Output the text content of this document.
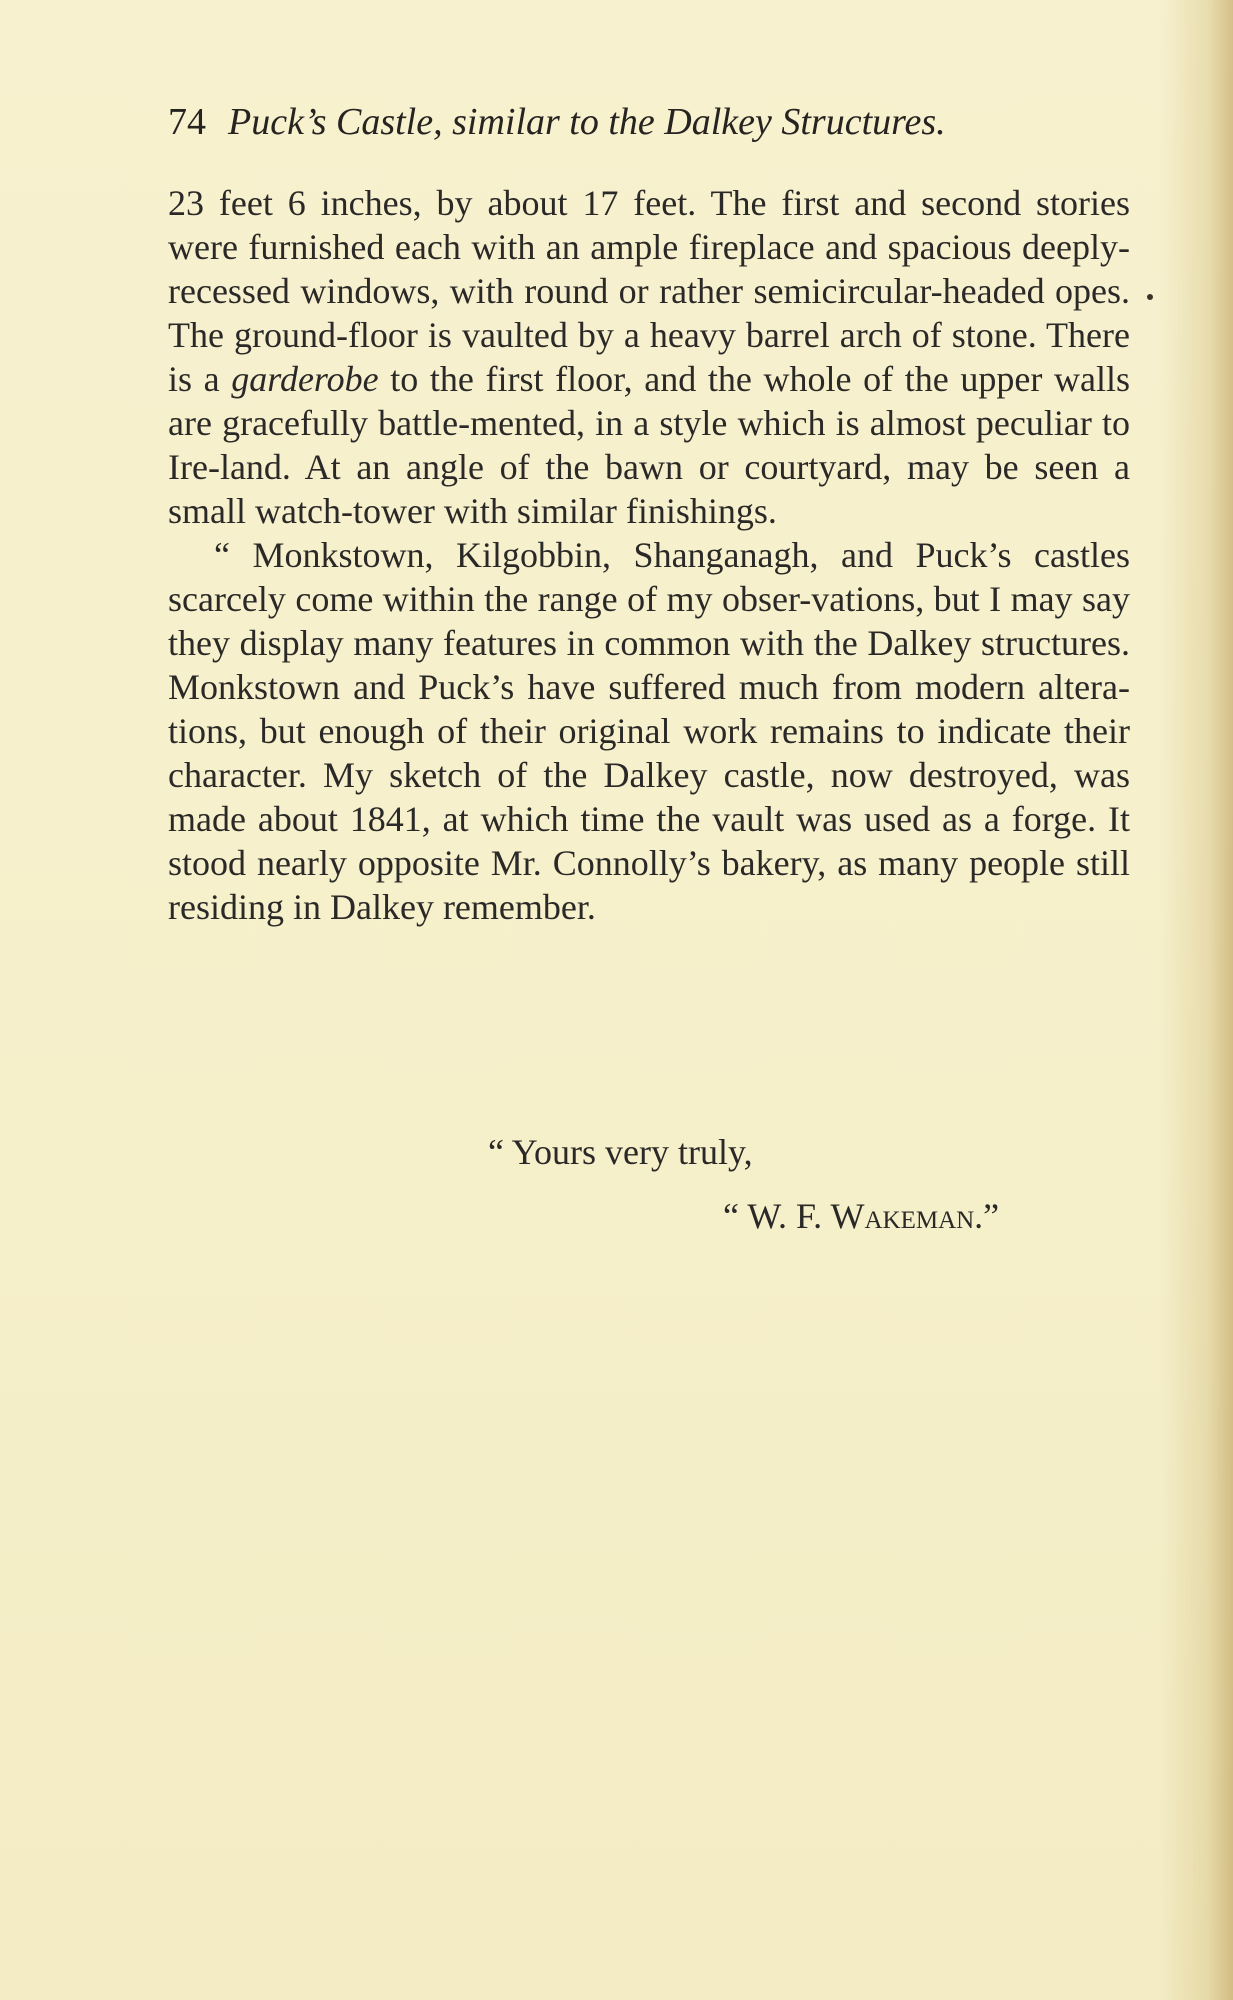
74 Puck’s Castle, similar to the Dalkey Structures.

23 feet 6 inches, by about 17 feet. The first and second stories were furnished each with an ample fireplace and spacious deeply-recessed windows, with round or rather semicircular-headed opes. The ground-floor is vaulted by a heavy barrel arch of stone. There is a garderobe to the first floor, and the whole of the upper walls are gracefully battle-mented, in a style which is almost peculiar to Ire-land. At an angle of the bawn or courtyard, may be seen a small watch-tower with similar finishings.

“ Monkstown, Kilgobbin, Shanganagh, and Puck’s castles scarcely come within the range of my obser-vations, but I may say they display many features in common with the Dalkey structures. Monkstown and Puck’s have suffered much from modern altera-tions, but enough of their original work remains to indicate their character. My sketch of the Dalkey castle, now destroyed, was made about 1841, at which time the vault was used as a forge. It stood nearly opposite Mr. Connolly’s bakery, as many people still residing in Dalkey remember.

“ Yours very truly,
“ W. F. Wakeman.”
